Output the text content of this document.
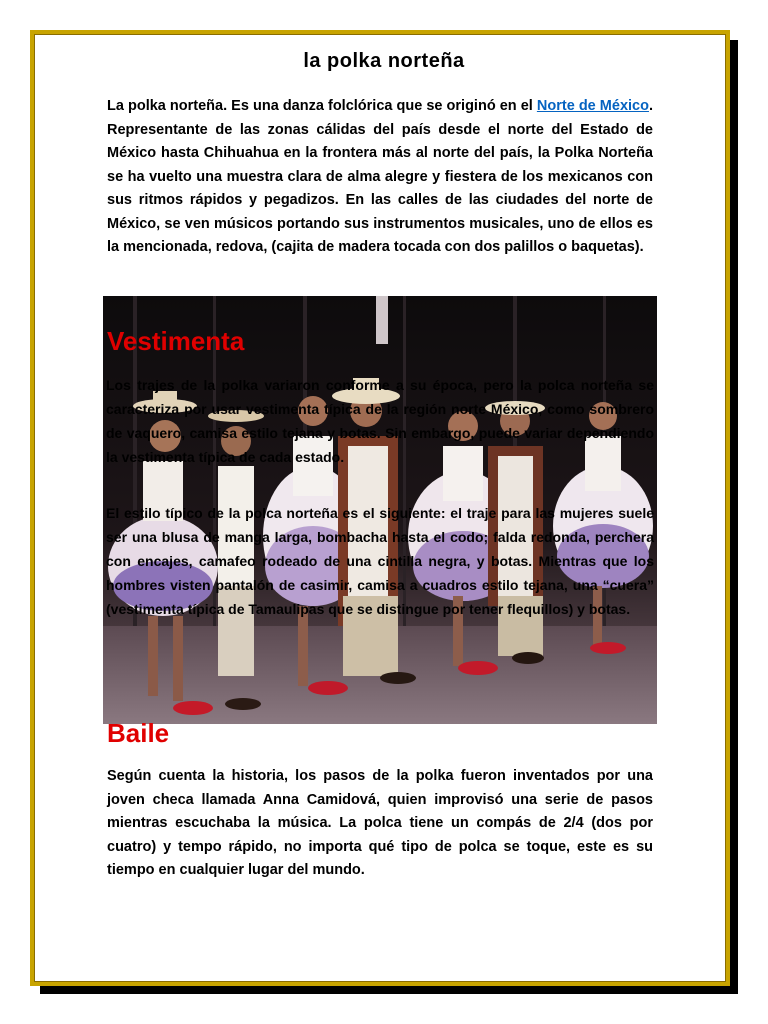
la polka norteña

La polka norteña. Es una danza folclórica que se originó en el Norte de México. Representante de las zonas cálidas del país desde el norte del Estado de México hasta Chihuahua en la frontera más al norte del país, la Polka Norteña se ha vuelto una muestra clara de alma alegre y fiestera de los mexicanos con sus ritmos rápidos y pegadizos. En las calles de las ciudades del norte de México, se ven músicos portando sus instrumentos musicales, uno de ellos es la mencionada, redova, (cajita de madera tocada con dos palillos o baquetas).

Vestimenta

Los trajes de la polka variaron conforme a su época, pero la polca norteña se caracteriza por usar vestimenta típica de la región norte México, como sombrero de vaquero, camisa estilo tejana y botas. Sin embargo, puede variar dependiendo la vestimenta típica de cada estado.

El estilo típico de la polca norteña es el siguiente: el traje para las mujeres suele ser una blusa de manga larga, bombacha hasta el codo; falda redonda, perchera con encajes, camafeo rodeado de una cintilla negra, y botas. Mientras que los hombres visten pantalón de casimir, camisa a cuadros estilo tejana, una “cuera” (vestimenta típica de Tamaulipas que se distingue por tener flequillos) y botas.

Baile

Según cuenta la historia, los pasos de la polka fueron inventados por una joven checa llamada Anna Camidová, quien improvisó una serie de pasos mientras escuchaba la música. La polca tiene un compás de 2/4 (dos por cuatro) y tempo rápido, no importa qué tipo de polca se toque, este es su tiempo en cualquier lugar del mundo.
